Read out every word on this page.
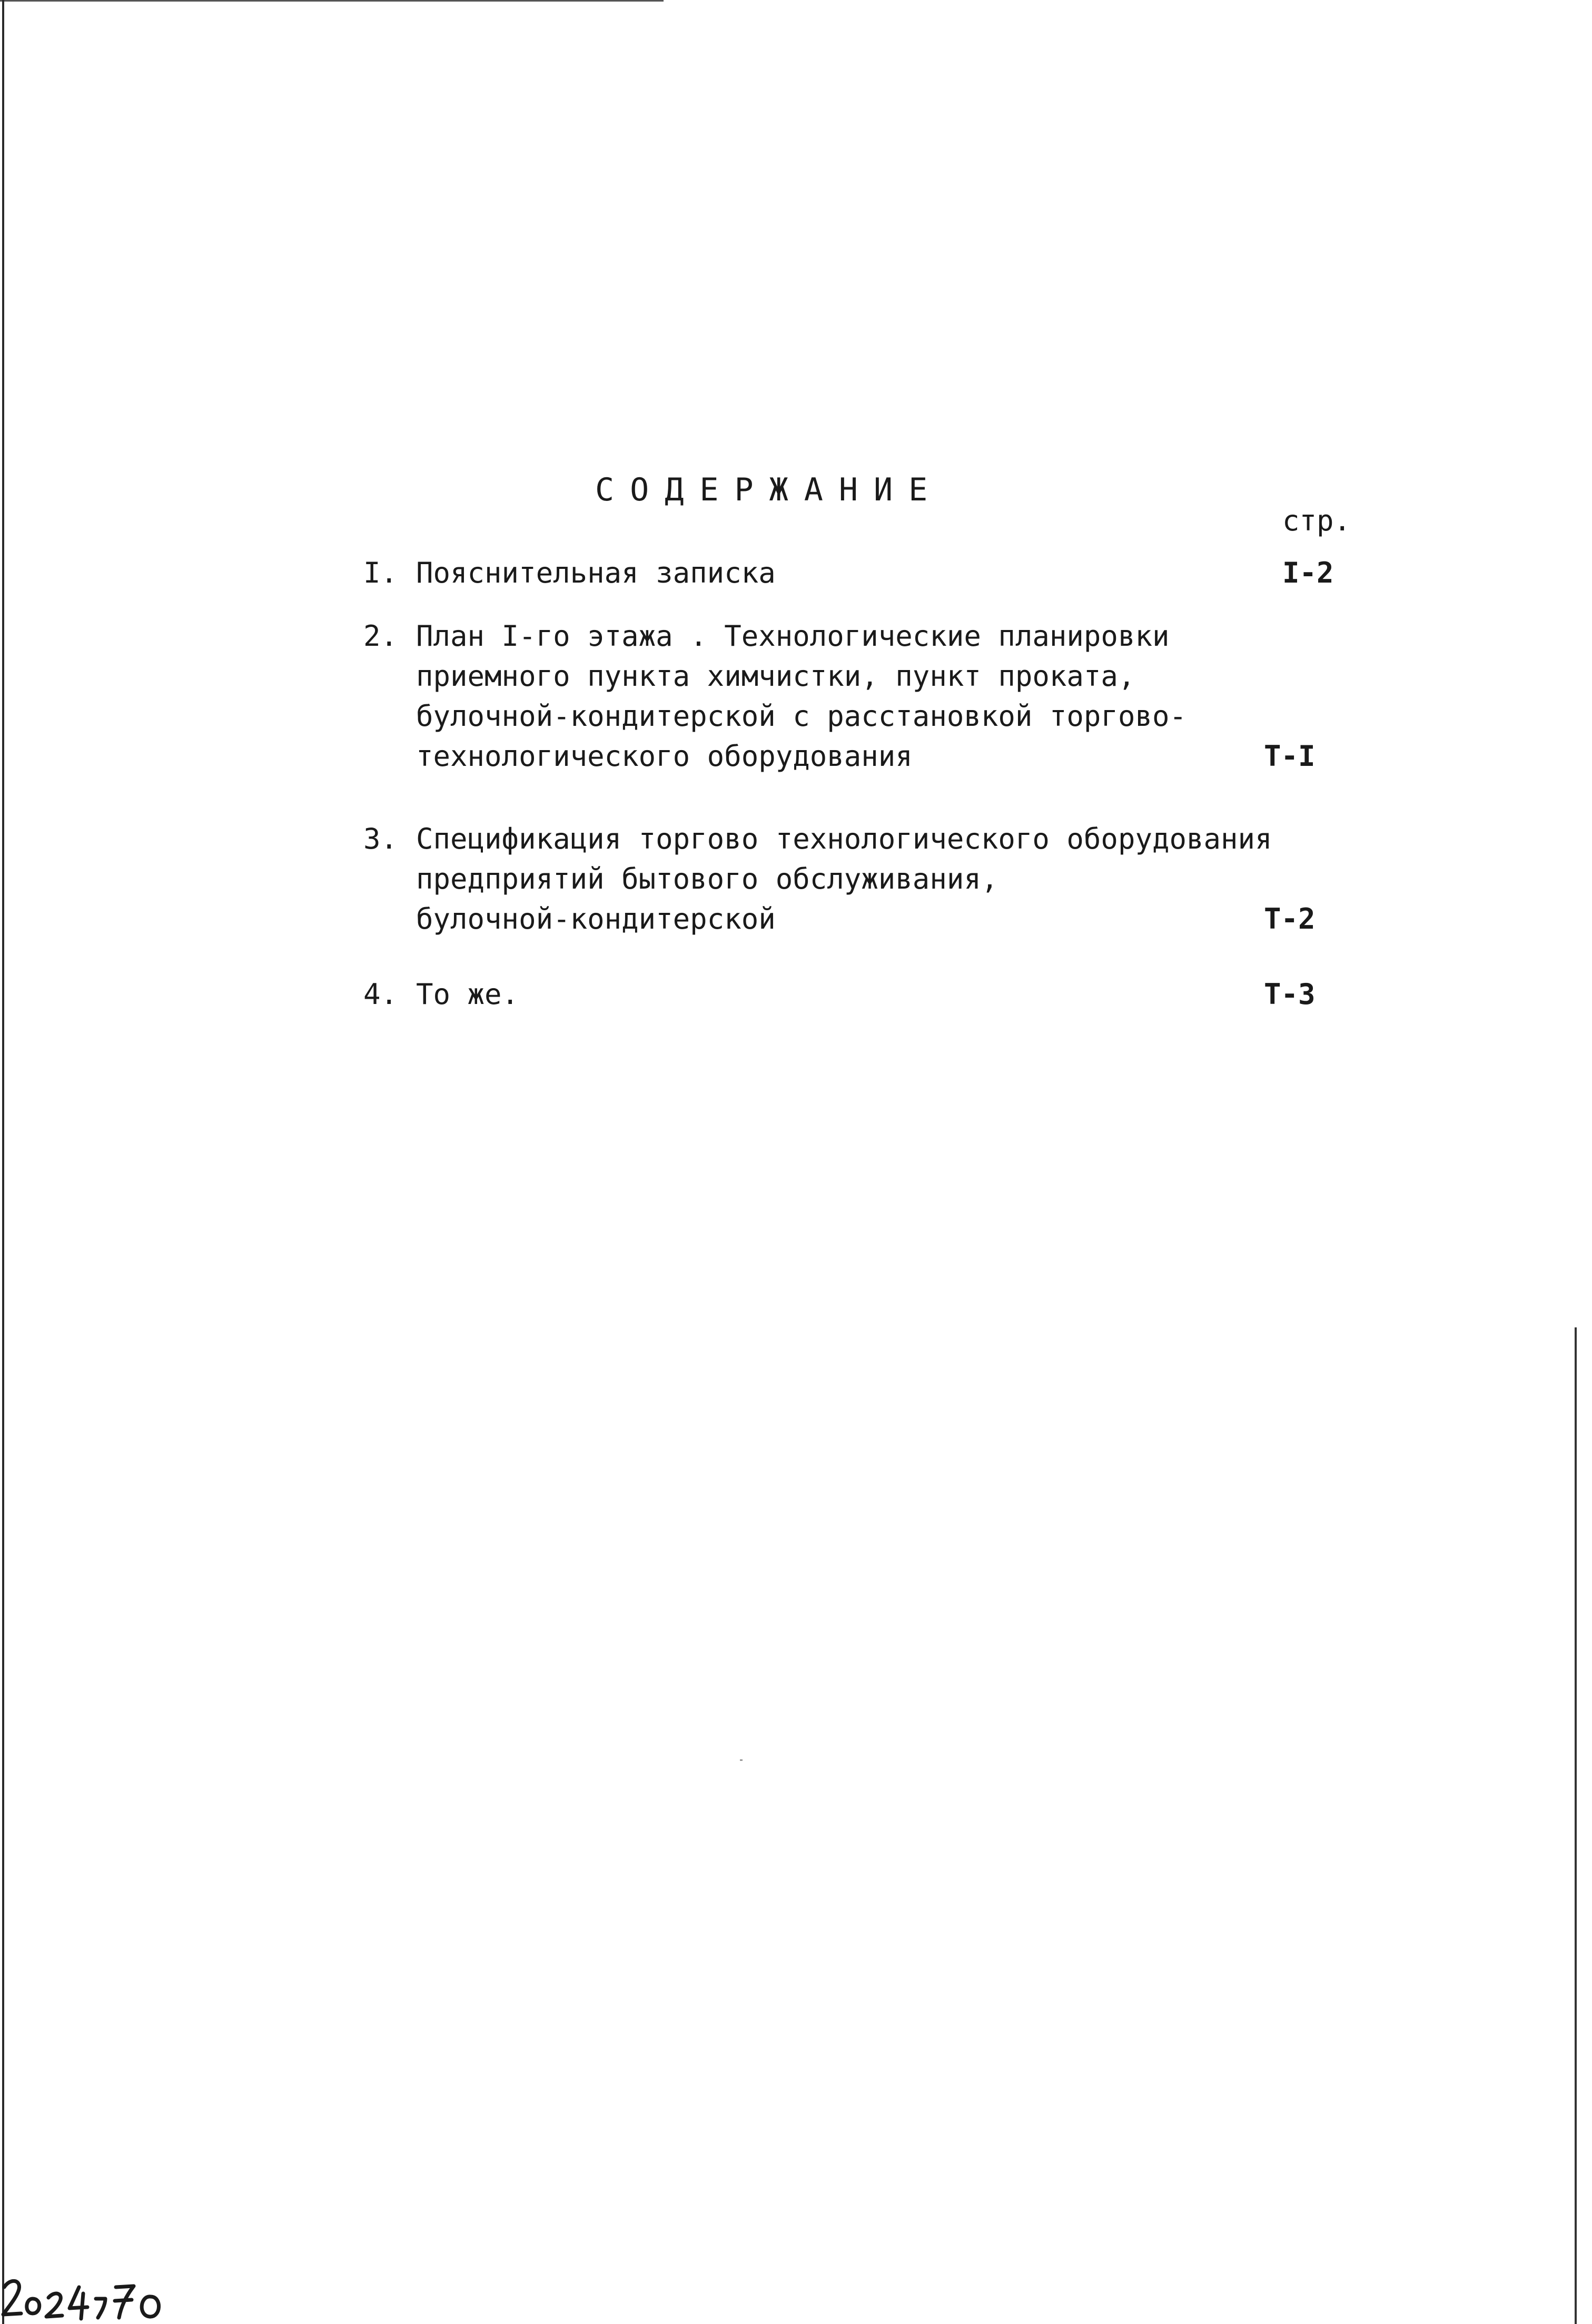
СОДЕРЖАНИЕ
стр.
I. Пояснительная записка	I-2
2. План I-го этажа . Технологические планировки
приемного пункта химчистки, пункт проката,
булочной-кондитерской с расстановкой торгово-
технологического оборудования	Т-I
3. Спецификация торгово технологического оборудования
предприятий бытового обслуживания,
булочной-кондитерской	Т-2
4. То же.	Т-3
